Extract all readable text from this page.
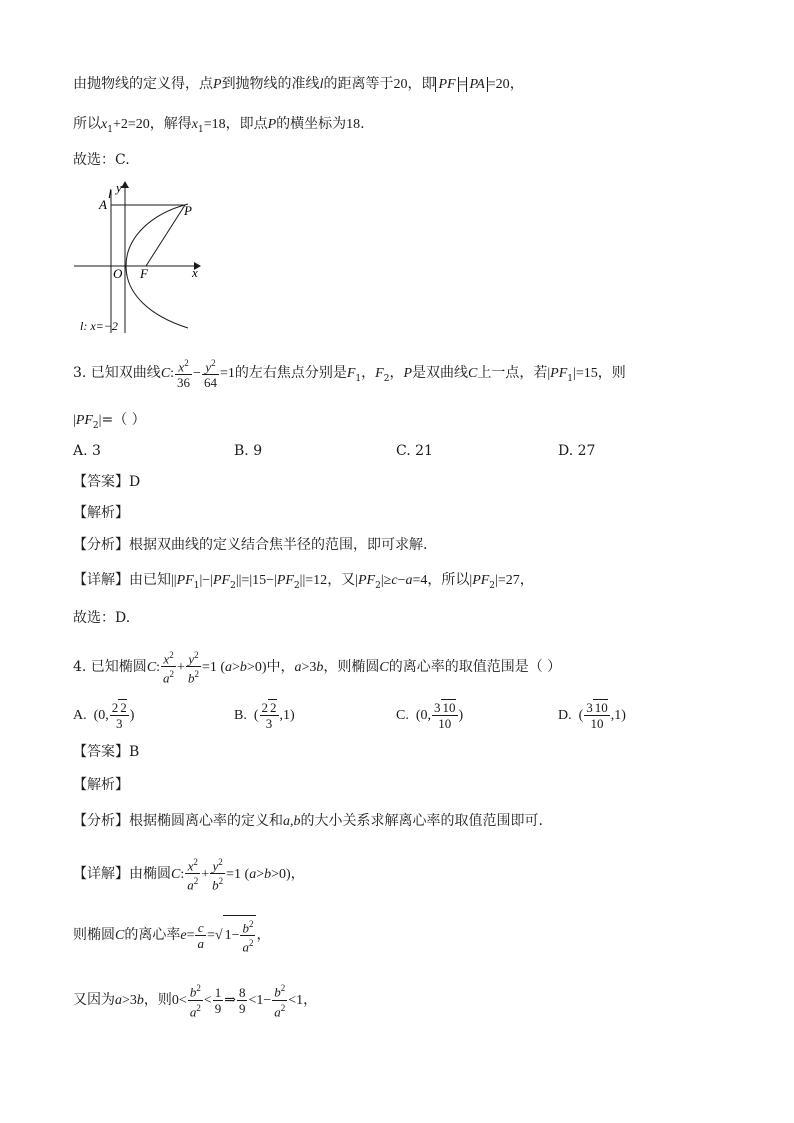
由抛物线的定义得，点P到抛物线的准线l的距离等于20，即 PF = PA =20，
所以$x_1+2=20$，解得$x_1=18$，即点P的横坐标为18.
故选：C.
y
l
A	P
O F	x
l: x=−2
3. 已知双曲线C: $\frac{x^2}{36} - \frac{y^2}{64} =1$的左右焦点分别是$F_1$，$F_2$，P是双曲线C上一点，若$|PF_1|=15$，则
$|PF_2|=$（ ）
A. 3	B. 9	C. 21	D. 27
【答案】D
【解析】
【分析】根据双曲线的定义结合焦半径的范围，即可求解.
【详解】由已知$||PF_1|-|PF_2||=|15-|PF_2||=12$，又$|PF_2|\ge c-a=4$，所以$|PF_2|=27$，
故选：D.
4. 已知椭圆C: $\frac{x^2}{a^2} + \frac{y^2}{b^2} =1$ (a>b>0)中，a>3b，则椭圆C的离心率的取值范围是（ ）
A.  (0, $\frac{2 2}{3}$ )	B.  ( $\frac{2 2}{3} ,1$)	C.  (0, $\frac{3 10}{10}$ )	D.  ( $\frac{3 10}{10} ,1$)
【答案】B
【解析】
【分析】根据椭圆离心率的定义和a,b的大小关系求解离心率的取值范围即可.
【详解】由椭圆C: $\frac{x^2}{a^2} + \frac{y^2}{b^2} =1$ (a>b>0)，
则椭圆C的离心率$e= \frac{c}{a}$ =√ $1- \frac{b^2}{a^2}$ ，
又因为a>3b，则$0< \frac{b^2}{a^2} < \frac{1}{9}$ ⇒ $\frac{8}{9} <1- \frac{b^2}{a^2} <1$，
